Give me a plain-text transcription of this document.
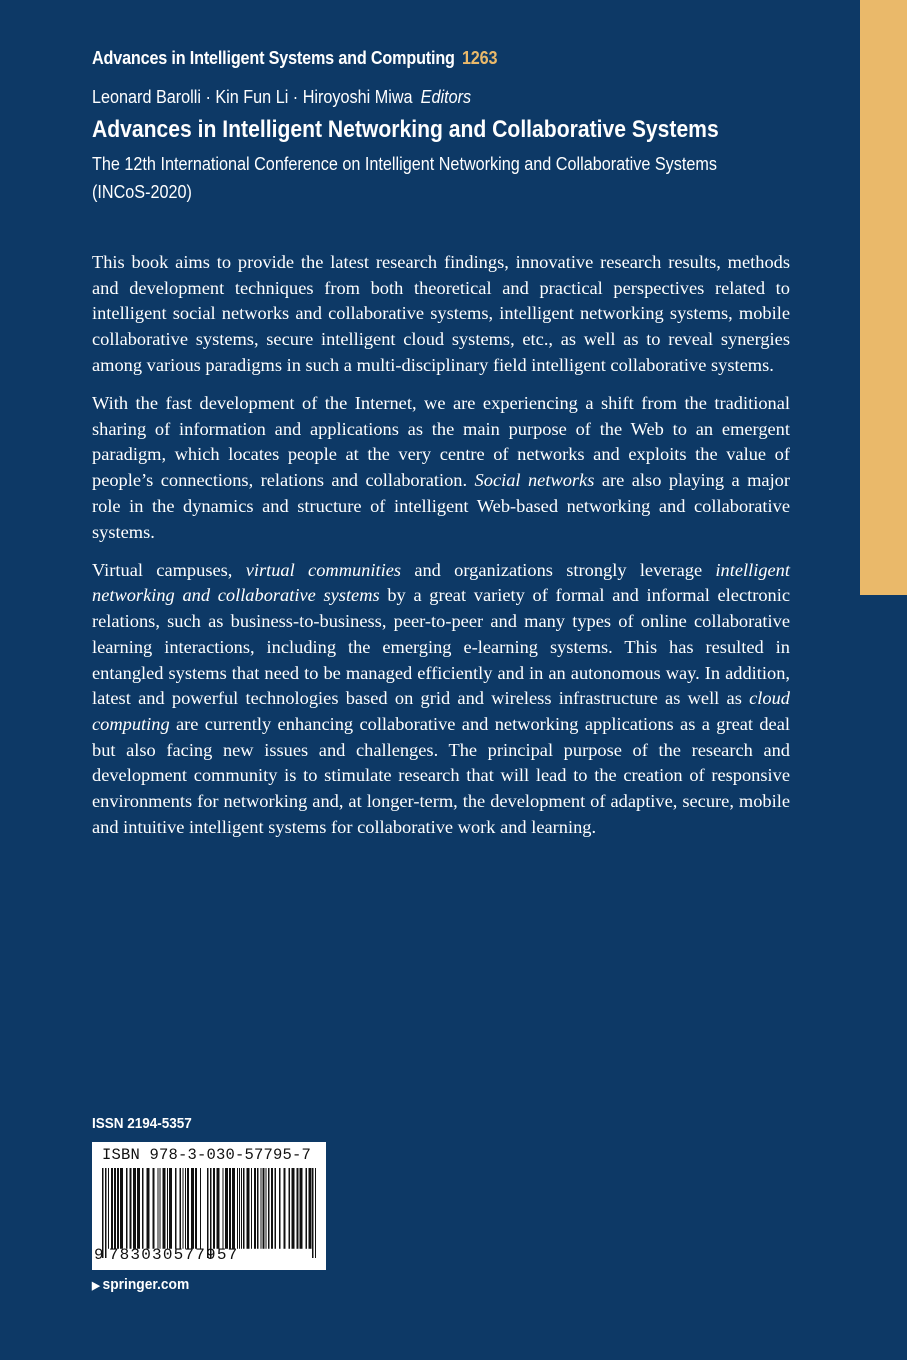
Advances in Intelligent Systems and Computing 1263
Leonard Barolli · Kin Fun Li · Hiroyoshi Miwa Editors
Advances in Intelligent Networking and Collaborative Systems
The 12th International Conference on Intelligent Networking and Collaborative Systems (INCoS-2020)

This book aims to provide the latest research findings, innovative research results, methods and development techniques from both theoretical and practical perspectives related to intelligent social networks and collaborative systems, intelligent networking systems, mobile collaborative systems, secure intelligent cloud systems, etc., as well as to reveal synergies among various paradigms in such a multi-disciplinary field intelligent collaborative systems.

With the fast development of the Internet, we are experiencing a shift from the traditional sharing of information and applications as the main purpose of the Web to an emergent paradigm, which locates people at the very centre of networks and exploits the value of people’s connections, relations and collaboration. Social networks are also playing a major role in the dynamics and structure of intelligent Web-based networking and collaborative systems.

Virtual campuses, virtual communities and organizations strongly leverage intelligent networking and collaborative systems by a great variety of formal and informal electronic relations, such as business-to-business, peer-to-peer and many types of online collaborative learning interactions, including the emerging e-learning systems. This has resulted in entangled systems that need to be managed efficiently and in an autonomous way. In addition, latest and powerful technologies based on grid and wireless infrastructure as well as cloud computing are currently enhancing collaborative and networking applications as a great deal but also facing new issues and challenges. The principal purpose of the research and development community is to stimulate research that will lead to the creation of responsive environments for networking and, at longer-term, the development of adaptive, secure, mobile and intuitive intelligent systems for collaborative work and learning.

ISSN 2194-5357
ISBN 978-3-030-57795-7
9 783030577957
▶ springer.com
